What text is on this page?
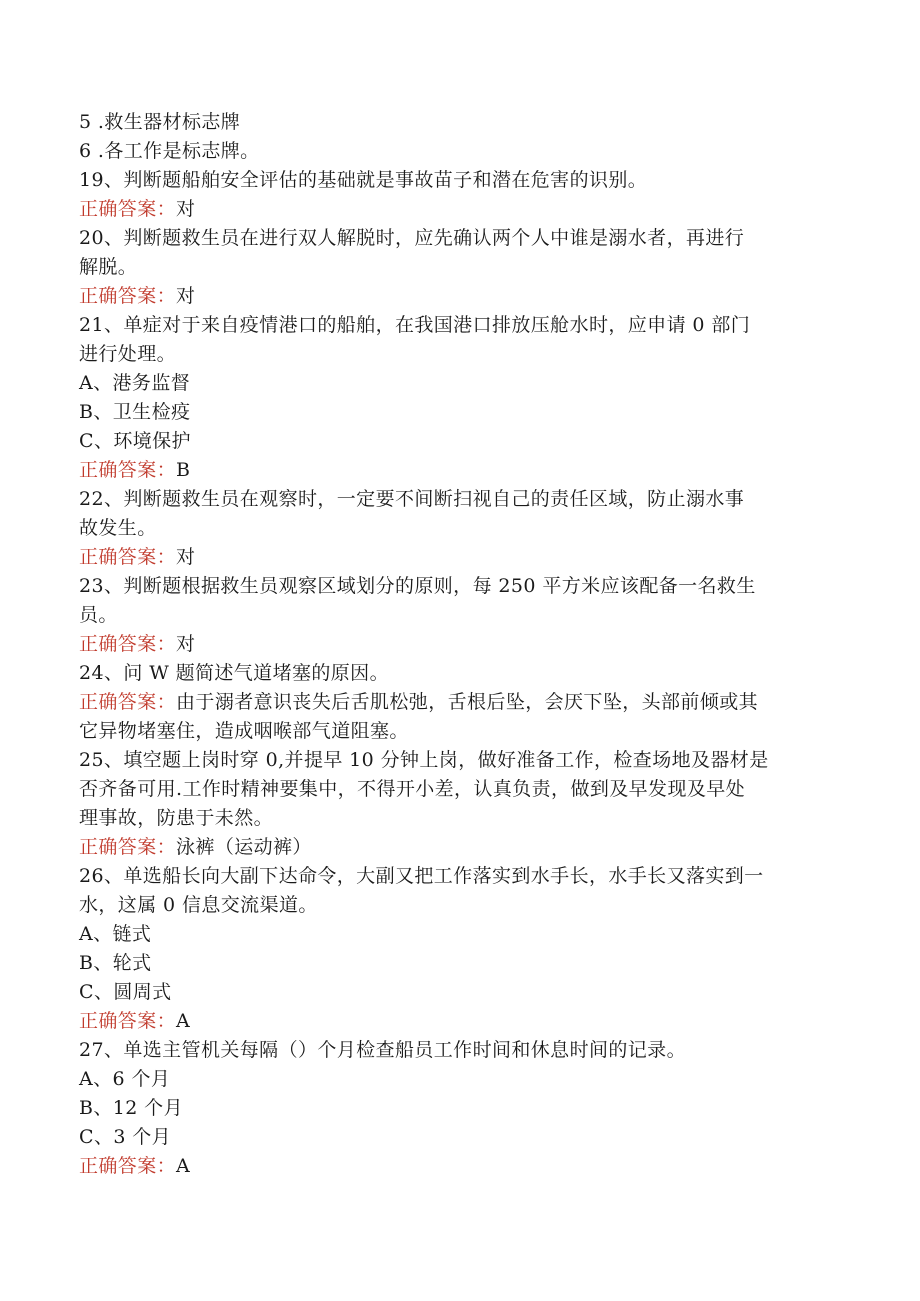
5 .救生器材标志牌
6 .各工作是标志牌。
19、判断题船舶安全评估的基础就是事故苗子和潜在危害的识别。
正确答案：对
20、判断题救生员在进行双人解脱时，应先确认两个人中谁是溺水者，再进行
解脱。
正确答案：对
21、单症对于来自疫情港口的船舶，在我国港口排放压舱水时，应申请 0 部门
进行处理。
A、港务监督
B、卫生检疫
C、环境保护
正确答案：B
22、判断题救生员在观察时，一定要不间断扫视自己的责任区域，防止溺水事
故发生。
正确答案：对
23、判断题根据救生员观察区域划分的原则，每 250 平方米应该配备一名救生
员。
正确答案：对
24、问 W 题简述气道堵塞的原因。
正确答案：由于溺者意识丧失后舌肌松弛，舌根后坠，会厌下坠，头部前倾或其
它异物堵塞住，造成咽喉部气道阻塞。
25、填空题上岗时穿 0,并提早 10 分钟上岗，做好准备工作，检查场地及器材是
否齐备可用.工作时精神要集中，不得开小差，认真负责，做到及早发现及早处
理事故，防患于未然。
正确答案：泳裤（运动裤）
26、单选船长向大副下达命令，大副又把工作落实到水手长，水手长又落实到一
水，这属 0 信息交流渠道。
A、链式
B、轮式
C、圆周式
正确答案：A
27、单选主管机关每隔（）个月检查船员工作时间和休息时间的记录。
A、6 个月
B、12 个月
C、3 个月
正确答案：A
